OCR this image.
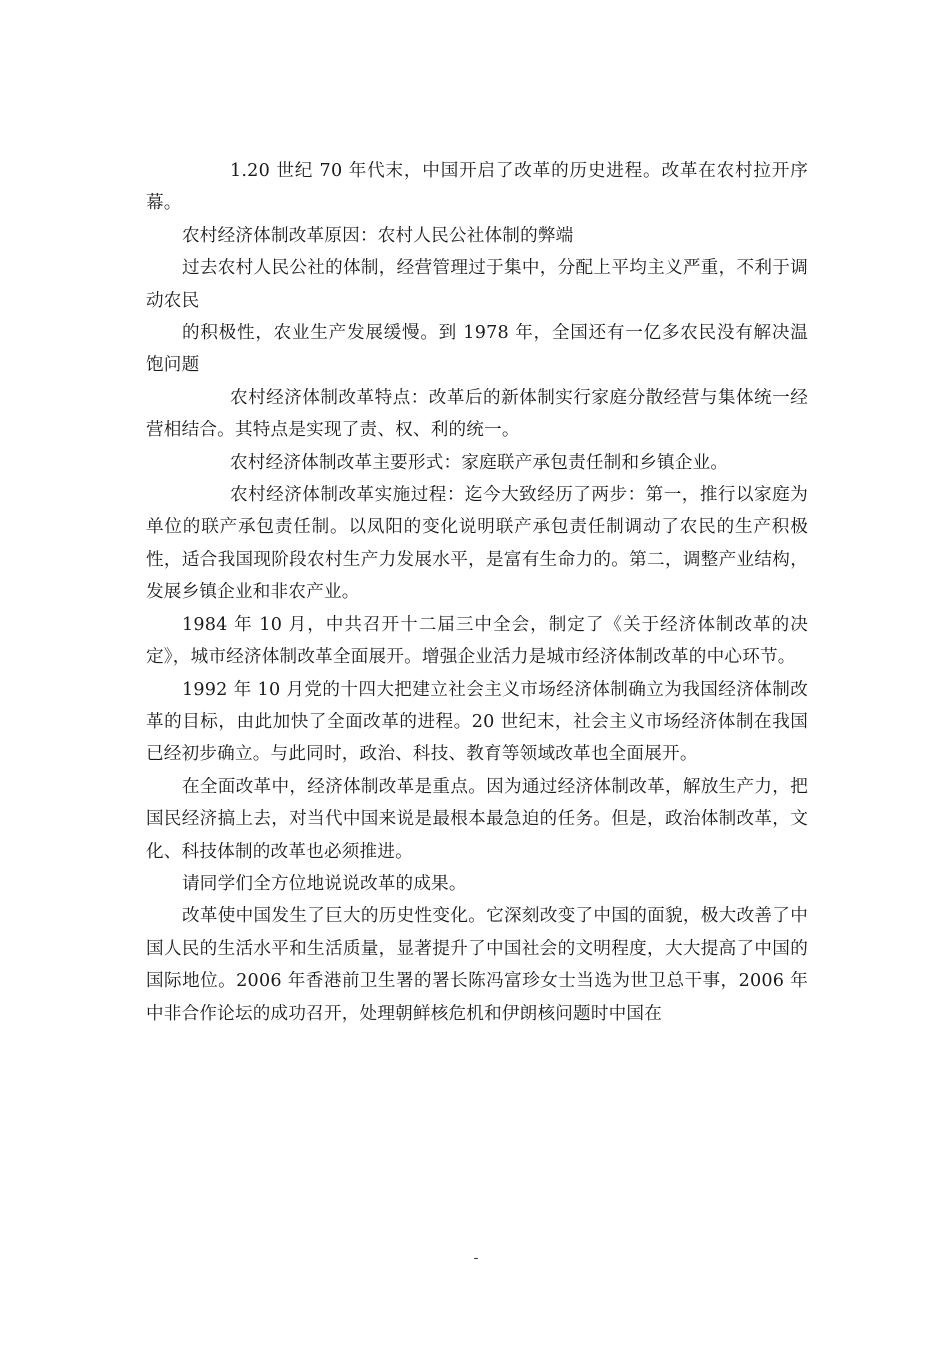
1.20 世纪 70 年代末，中国开启了改革的历史进程。改革在农村拉开序幕。

农村经济体制改革原因：农村人民公社体制的弊端

过去农村人民公社的体制，经营管理过于集中，分配上平均主义严重，不利于调动农民

的积极性，农业生产发展缓慢。到 1978 年，全国还有一亿多农民没有解决温饱问题

农村经济体制改革特点：改革后的新体制实行家庭分散经营与集体统一经营相结合。其特点是实现了责、权、利的统一。

农村经济体制改革主要形式：家庭联产承包责任制和乡镇企业。

农村经济体制改革实施过程：迄今大致经历了两步：第一，推行以家庭为单位的联产承包责任制。以凤阳的变化说明联产承包责任制调动了农民的生产积极性，适合我国现阶段农村生产力发展水平，是富有生命力的。第二，调整产业结构，发展乡镇企业和非农产业。

1984 年 10 月，中共召开十二届三中全会，制定了《关于经济体制改革的决定》，城市经济体制改革全面展开。增强企业活力是城市经济体制改革的中心环节。

1992 年 10 月党的十四大把建立社会主义市场经济体制确立为我国经济体制改革的目标，由此加快了全面改革的进程。20 世纪末，社会主义市场经济体制在我国已经初步确立。与此同时，政治、科技、教育等领域改革也全面展开。

在全面改革中，经济体制改革是重点。因为通过经济体制改革，解放生产力，把国民经济搞上去，对当代中国来说是最根本最急迫的任务。但是，政治体制改革，文化、科技体制的改革也必须推进。

请同学们全方位地说说改革的成果。

改革使中国发生了巨大的历史性变化。它深刻改变了中国的面貌，极大改善了中国人民的生活水平和生活质量，显著提升了中国社会的文明程度，大大提高了中国的国际地位。2006 年香港前卫生署的署长陈冯富珍女士当选为世卫总干事，2006 年中非合作论坛的成功召开，处理朝鲜核危机和伊朗核问题时中国在

-
